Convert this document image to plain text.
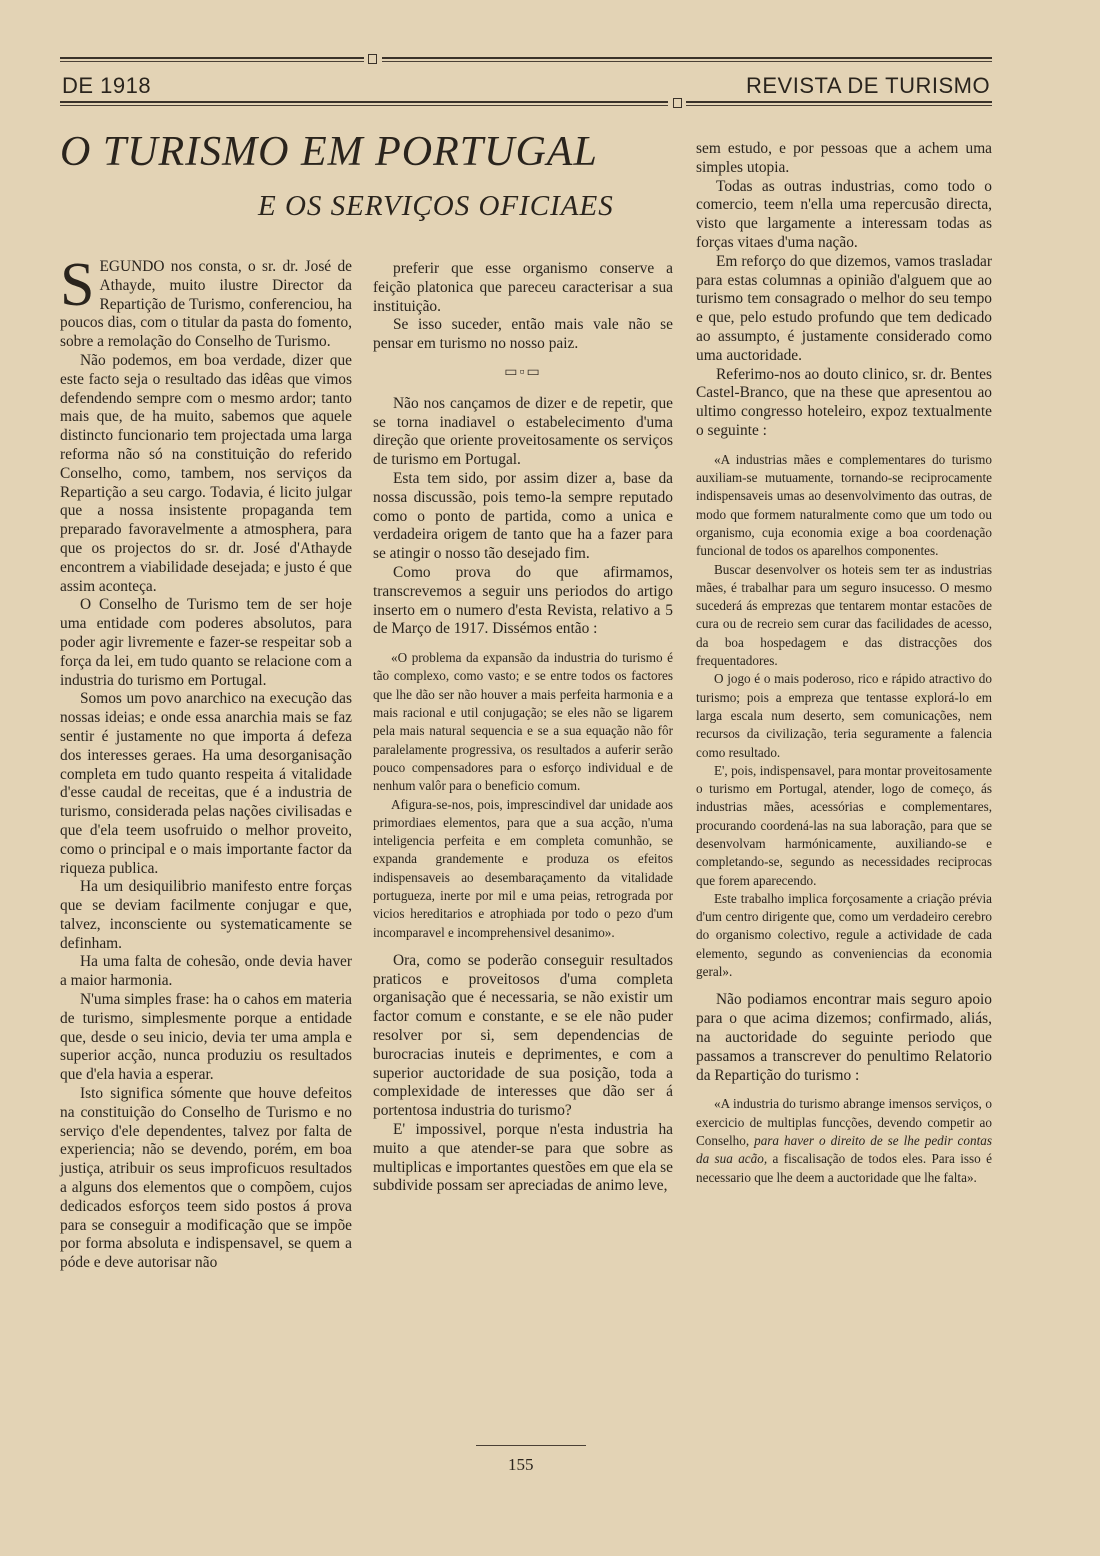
DE 1918	REVISTA DE TURISMO
O TURISMO EM PORTUGAL
E OS SERVIÇOS OFICIAES

SEGUNDO nos consta, o sr. dr. José de Athayde, muito ilustre Director da Repartição de Turismo, conferenciou, ha poucos dias, com o titular da pasta do fomento, sobre a remolação do Conselho de Turismo.

Não podemos, em boa verdade, dizer que este facto seja o resultado das idêas que vimos defendendo sempre com o mesmo ardor; tanto mais que, de ha muito, sabemos que aquele distincto funcionario tem projectada uma larga reforma não só na constituição do referido Conselho, como, tambem, nos serviços da Repartição a seu cargo. Todavia, é licito julgar que a nossa insistente propaganda tem preparado favoravelmente a atmosphera, para que os projectos do sr. dr. José d'Athayde encontrem a viabilidade desejada; e justo é que assim aconteça.

O Conselho de Turismo tem de ser hoje uma entidade com poderes absolutos, para poder agir livremente e fazer-se respeitar sob a força da lei, em tudo quanto se relacione com a industria do turismo em Portugal.

Somos um povo anarchico na execução das nossas ideias; e onde essa anarchia mais se faz sentir é justamente no que importa á defeza dos interesses geraes. Ha uma desorganisação completa em tudo quanto respeita á vitalidade d'esse caudal de receitas, que é a industria de turismo, considerada pelas nações civilisadas e que d'ela teem usofruido o melhor proveito, como o principal e o mais importante factor da riqueza publica.

Ha um desiquilibrio manifesto entre forças que se deviam facilmente conjugar e que, talvez, inconsciente ou systematicamente se definham.

Ha uma falta de cohesão, onde devia haver a maior harmonia.

N'uma simples frase: ha o cahos em materia de turismo, simplesmente porque a entidade que, desde o seu inicio, devia ter uma ampla e superior acção, nunca produziu os resultados que d'ela havia a esperar.

Isto significa sómente que houve defeitos na constituição do Conselho de Turismo e no serviço d'ele dependentes, talvez por falta de experiencia; não se devendo, porém, em boa justiça, atribuir os seus improficuos resultados a alguns dos elementos que o compõem, cujos dedicados esforços teem sido postos á prova para se conseguir a modificação que se impõe por forma absoluta e indispensavel, se quem a póde e deve autorisar não

preferir que esse organismo conserve a feição platonica que pareceu caracterisar a sua instituição.

Se isso suceder, então mais vale não se pensar em turismo no nosso paiz.

▭▫▭

Não nos cançamos de dizer e de repetir, que se torna inadiavel o estabelecimento d'uma direção que oriente proveitosamente os serviços de turismo em Portugal.

Esta tem sido, por assim dizer a, base da nossa discussão, pois temo-la sempre reputado como o ponto de partida, como a unica e verdadeira origem de tanto que ha a fazer para se atingir o nosso tão desejado fim.

Como prova do que afirmamos, transcrevemos a seguir uns periodos do artigo inserto em o numero d'esta Revista, relativo a 5 de Março de 1917. Dissémos então :

«O problema da expansão da industria do turismo é tão complexo, como vasto; e se entre todos os factores que lhe dão ser não houver a mais perfeita harmonia e a mais racional e util conjugação; se eles não se ligarem pela mais natural sequencia e se a sua equação não fôr paralelamente progressiva, os resultados a auferir serão pouco compensadores para o esforço individual e de nenhum valôr para o beneficio comum.

Afigura-se-nos, pois, imprescindivel dar unidade aos primordiaes elementos, para que a sua acção, n'uma inteligencia perfeita e em completa comunhão, se expanda grandemente e produza os efeitos indispensaveis ao desembaraçamento da vitalidade portugueza, inerte por mil e uma peias, retrograda por vicios hereditarios e atrophiada por todo o pezo d'um incomparavel e incomprehensivel desanimo».

Ora, como se poderão conseguir resultados praticos e proveitosos d'uma completa organisação que é necessaria, se não existir um factor comum e constante, e se ele não puder resolver por si, sem dependencias de burocracias inuteis e deprimentes, e com a superior auctoridade de sua posição, toda a complexidade de interesses que dão ser á portentosa industria do turismo?

E' impossivel, porque n'esta industria ha muito a que atender-se para que sobre as multiplicas e importantes questões em que ela se subdivide possam ser apreciadas de animo leve,

sem estudo, e por pessoas que a achem uma simples utopia.

Todas as outras industrias, como todo o comercio, teem n'ella uma repercusão directa, visto que largamente a interessam todas as forças vitaes d'uma nação.

Em reforço do que dizemos, vamos trasladar para estas columnas a opinião d'alguem que ao turismo tem consagrado o melhor do seu tempo e que, pelo estudo profundo que tem dedicado ao assumpto, é justamente considerado como uma auctoridade.

Referimo-nos ao douto clinico, sr. dr. Bentes Castel-Branco, que na these que apresentou ao ultimo congresso hoteleiro, expoz textualmente o seguinte :

«A industrias mães e complementares do turismo auxiliam-se mutuamente, tornando-se reciprocamente indispensaveis umas ao desenvolvimento das outras, de modo que formem naturalmente como que um todo ou organismo, cuja economia exige a boa coordenação funcional de todos os aparelhos componentes.

Buscar desenvolver os hoteis sem ter as industrias mães, é trabalhar para um seguro insucesso. O mesmo sucederá ás emprezas que tentarem montar estacões de cura ou de recreio sem curar das facilidades de acesso, da boa hospedagem e das distracções dos frequentadores.

O jogo é o mais poderoso, rico e rápido atractivo do turismo; pois a empreza que tentasse explorá-lo em larga escala num deserto, sem comunicações, nem recursos da civilização, teria seguramente a falencia como resultado.

E', pois, indispensavel, para montar proveitosamente o turismo em Portugal, atender, logo de começo, ás industrias mães, acessórias e complementares, procurando coordená-las na sua laboração, para que se desenvolvam harmónicamente, auxiliando-se e completando-se, segundo as necessidades reciprocas que forem aparecendo.

Este trabalho implica forçosamente a criação prévia d'um centro dirigente que, como um verdadeiro cerebro do organismo colectivo, regule a actividade de cada elemento, segundo as conveniencias da economia geral».

Não podiamos encontrar mais seguro apoio para o que acima dizemos; confirmado, aliás, na auctoridade do seguinte periodo que passamos a transcrever do penultimo Relatorio da Repartição do turismo :

«A industria do turismo abrange imensos serviços, o exercicio de multiplas funcções, devendo competir ao Conselho, para haver o direito de se lhe pedir contas da sua acão, a fiscalisação de todos eles. Para isso é necessario que lhe deem a auctoridade que lhe falta».

155
